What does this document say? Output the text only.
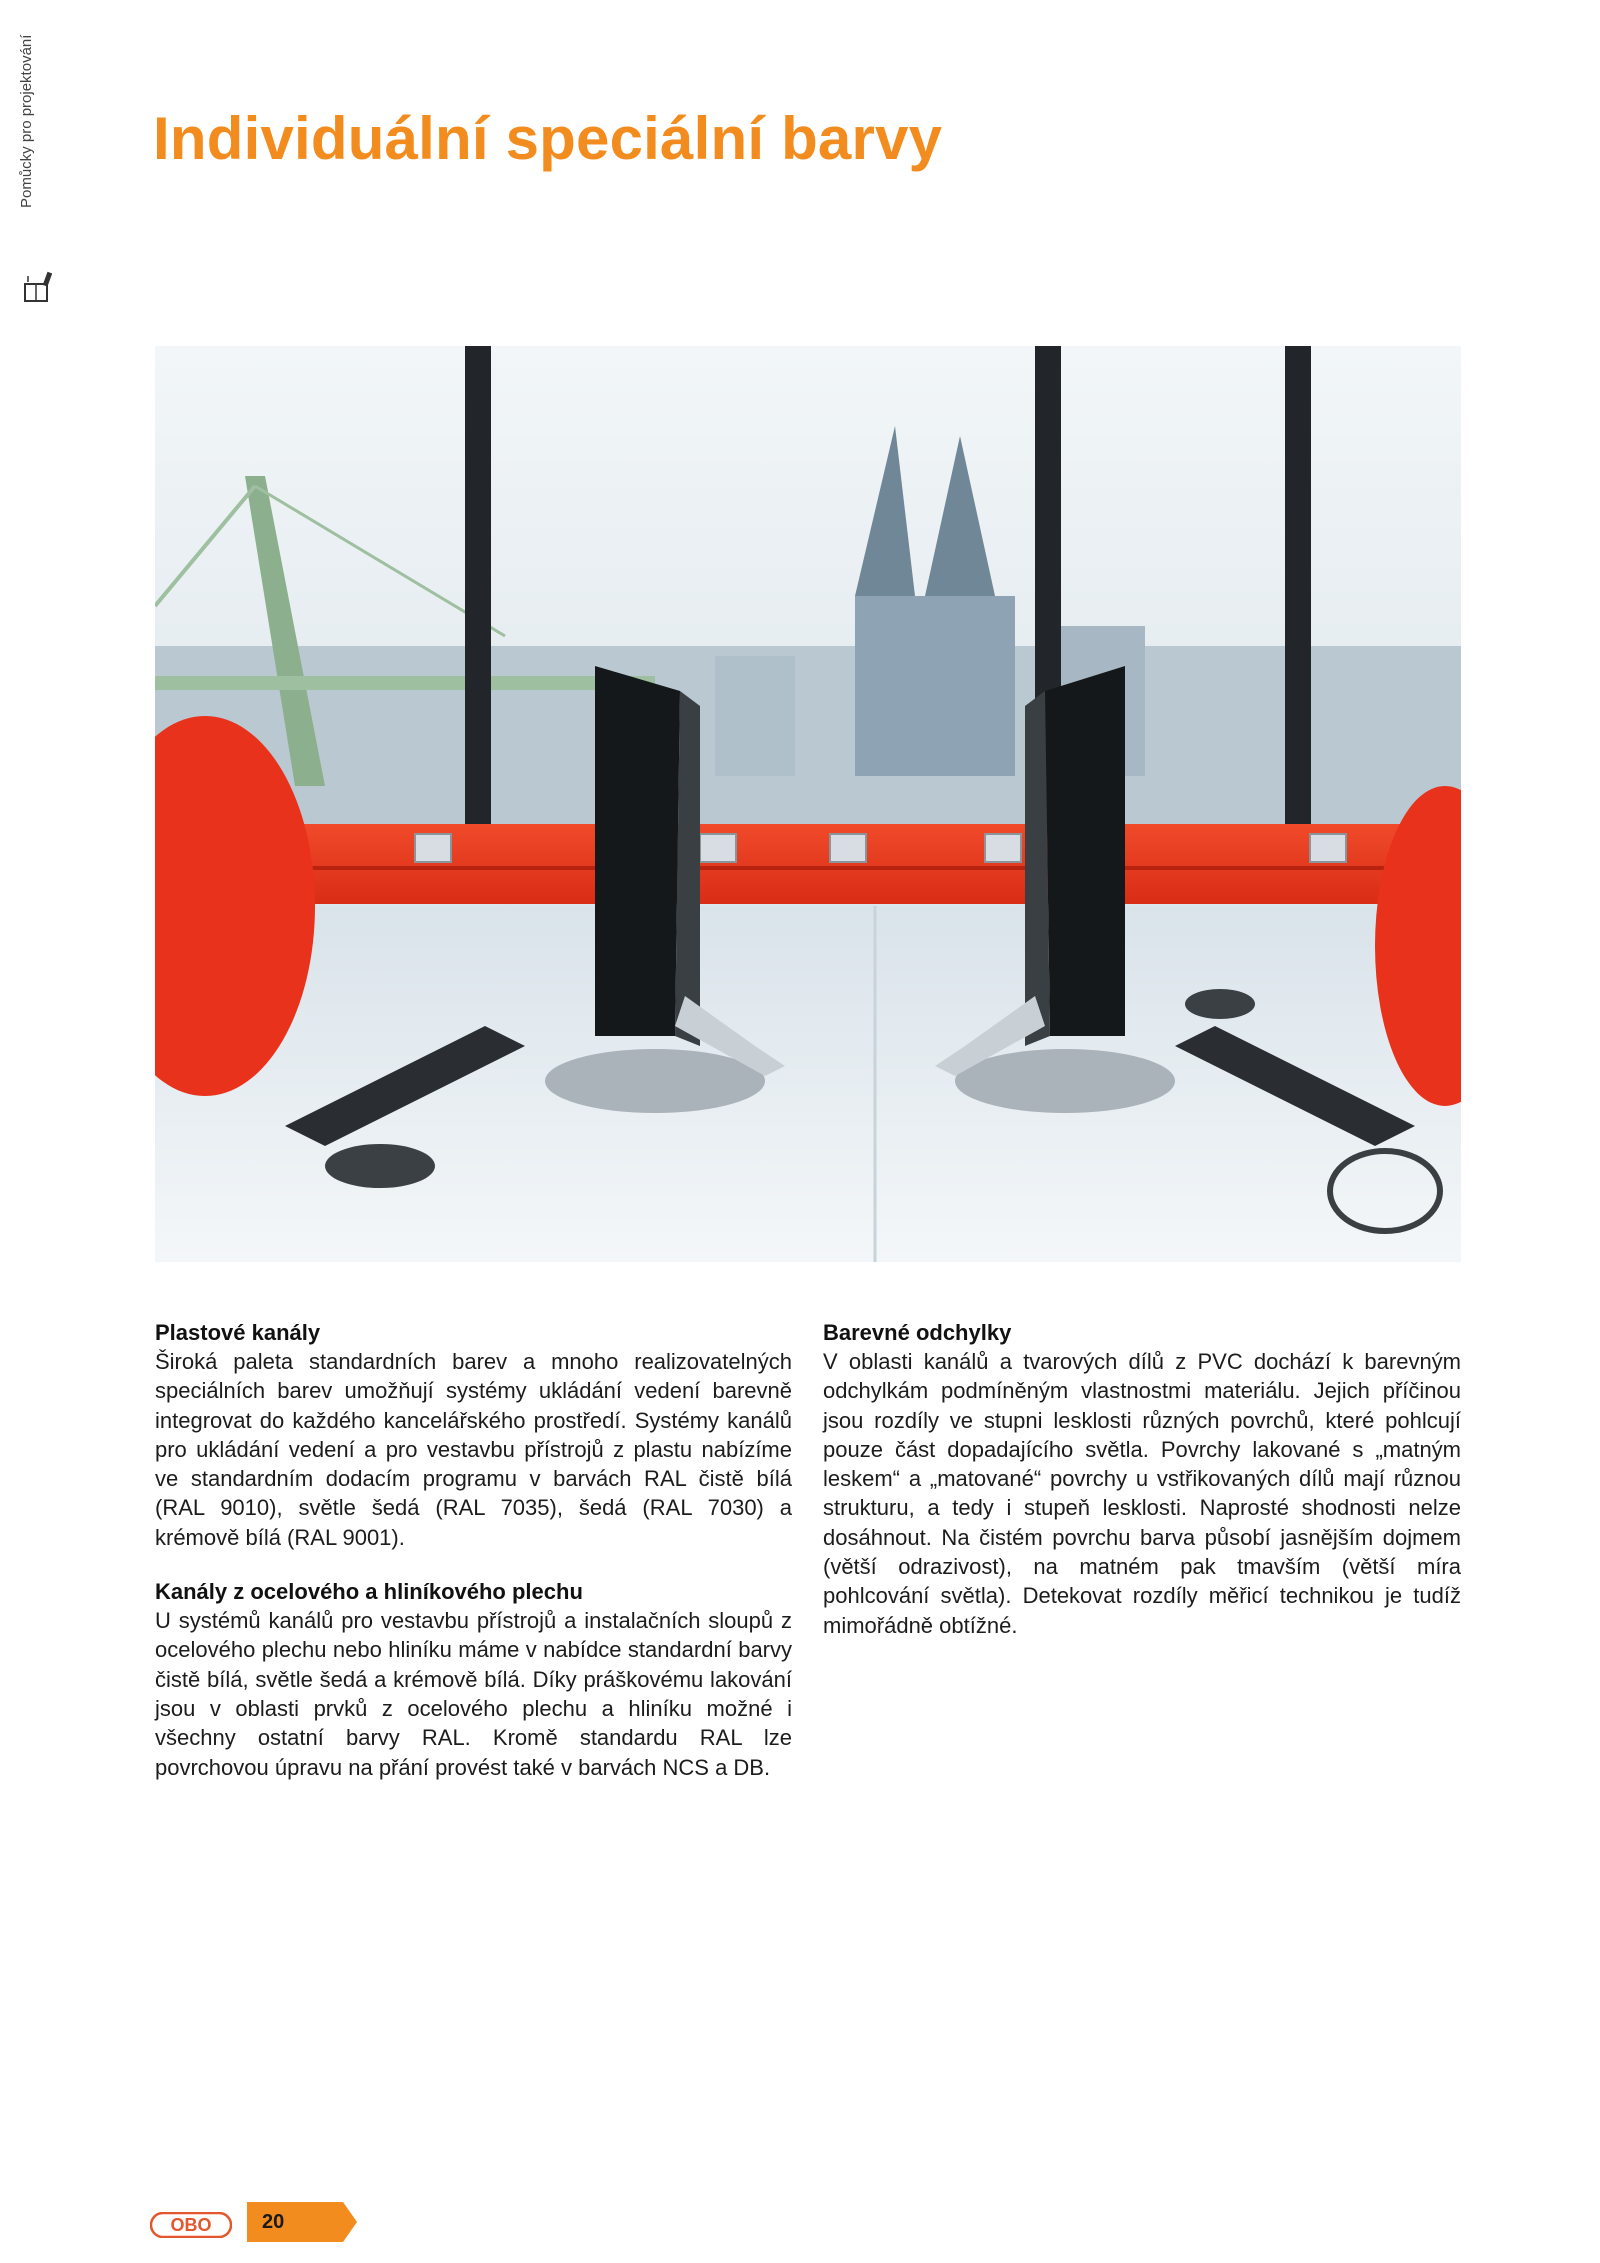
Pomůcky pro projektování Individuální speciální barvy
Plastové kanály

Široká paleta standardních barev a mnoho realizovatelných speciálních barev umožňují systémy ukládání vedení barevně integrovat do každého kancelářského prostředí. Systémy kanálů pro ukládání vedení a pro vestavbu přístrojů z plastu nabízíme ve standardním dodacím programu v barvách RAL čistě bílá (RAL 9010), světle šedá (RAL 7035), šedá (RAL 7030) a krémově bílá (RAL 9001).

Kanály z ocelového a hliníkového plechu

U systémů kanálů pro vestavbu přístrojů a instalačních sloupů z ocelového plechu nebo hliníku máme v nabídce standardní barvy čistě bílá, světle šedá a krémově bílá. Díky práškovému lakování jsou v oblasti prvků z ocelového plechu a hliníku možné i všechny ostatní barvy RAL. Kromě standardu RAL lze povrchovou úpravu na přání provést také v barvách NCS a DB.

Barevné odchylky

V oblasti kanálů a tvarových dílů z PVC dochází k barevným odchylkám podmíněným vlastnostmi materiálu. Jejich příčinou jsou rozdíly ve stupni lesklosti různých povrchů, které pohlcují pouze část dopadajícího světla. Povrchy lakované s „matným leskem“ a „matované“ povrchy u vstřikovaných dílů mají různou strukturu, a tedy i stupeň lesklosti. Naprosté shodnosti nelze dosáhnout. Na čistém povrchu barva působí jasnějším dojmem (větší odrazivost), na matném pak tmavším (větší míra pohlcování světla). Detekovat rozdíly měřicí technikou je tudíž mimořádně obtížné.

OBO	20
